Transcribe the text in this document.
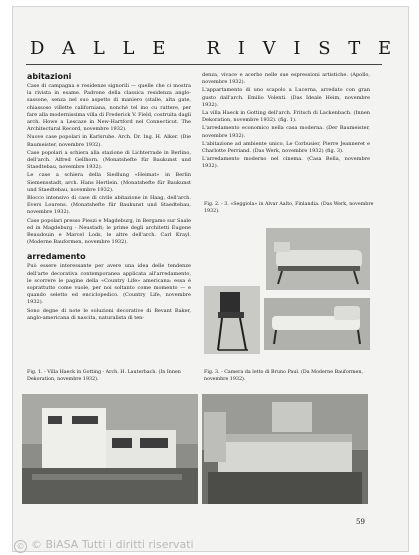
D A L L E   R I V I S T E
abitazioni

Case di campagna e residenze signorili — quelle che ci mostra la rivista in esame. Padrone della classica residenza anglo-sassone, senza nel suo aspetto di maniero (stalle, alta gate, chiassoso villette californiana, nonché tel ino cu rattere, per fare alla modernissima villa di Frederick V. Field, costruita dagli arch. Howe a Lescaze in New-Hartford nel Connecticut. The Architectural Record, novembre 1932).

Nuove case popolari in Karlsruhe. Arch. Dr. Ing. H. Alker. (Die Baumeister, novembre 1932).

Case popolari a schiera alla stazione di Lichterrade in Berlino, dell'arch. Alfred Gellhorn. (Monatshefte für Baukunst und Staedtebau, novembre 1932).

Le case a schiera della Siedlung «Heimat» in Berlin Siemensstadt, arch. Hans Hertlein. (Monatshefte für Baukunst und Staedtebau, novembre 1932).

Blocco intensivo di case di civile abitazione in Haag, dell'arch. Evers Lourens. (Monatshefte für Baukunst und Staedtebau, novembre 1932).

Case popolari presso Pieszi e Magdeburg, in Bergamo sur Saale ed in Magdeburg - Neustadt; le prime degli architetti Eugene Beaudouin e Marcel Lods, le altre dell'arch. Carl Krayl. (Moderne Bauformen, novembre 1932).

arredamento

Può essere interessante per avere una idea delle tendenze dell'arte decorativa contemporanea applicata all'arredamento, le scorrere le pagine della «Country Life» americana: essa è soprattutto come vuole, per noi soltanto come momento — e quando seletto ed enciclopedico. (Country Life, novembre 1932).

Sono degne di note le soluzioni decorative di Bevant Baker, anglo-americana di nascita, naturalista di ten-

denza, vivace e acerbo nelle sue espressioni artistiche. (Apollo, novembre 1932).

L'appartamento di uno scapolo a Lucerna, arredato con gran gusto dall'arch. Emilio Volenti. (Das Ideale Heim, novembre 1932).

La villa Haeck in Gotting dell'arch. Fritsch di Lackenbach. (Innen Dekoration, novembre 1932). (fig. 1).

L'arredamento economico nella casa moderna. (Der Baumeister, novembre 1932).

L'abitazione ad ambiente unico, Le Corbusier, Pierre Jeanneret e Charlotte Perriand. (Das Werk, novembre 1932) (fig. 3).

L'arredamento moderno nel cinema. (Casa Bella, novembre 1932).

Fig. 2. - 3. «Seggiola» in Alvar Aalto, Finlandia. (Das Werk, novembre 1932).
Fig. 1. - Villa Haeck in Gotting - Arch. H. Lauterbach. (In Innen Dekoration, novembre 1932).
Fig. 3. - Camera da letto di Bruno Paul. (Da Moderne Bauformen, novembre 1932).
59
© © BiASA Tutti i diritti riservati
